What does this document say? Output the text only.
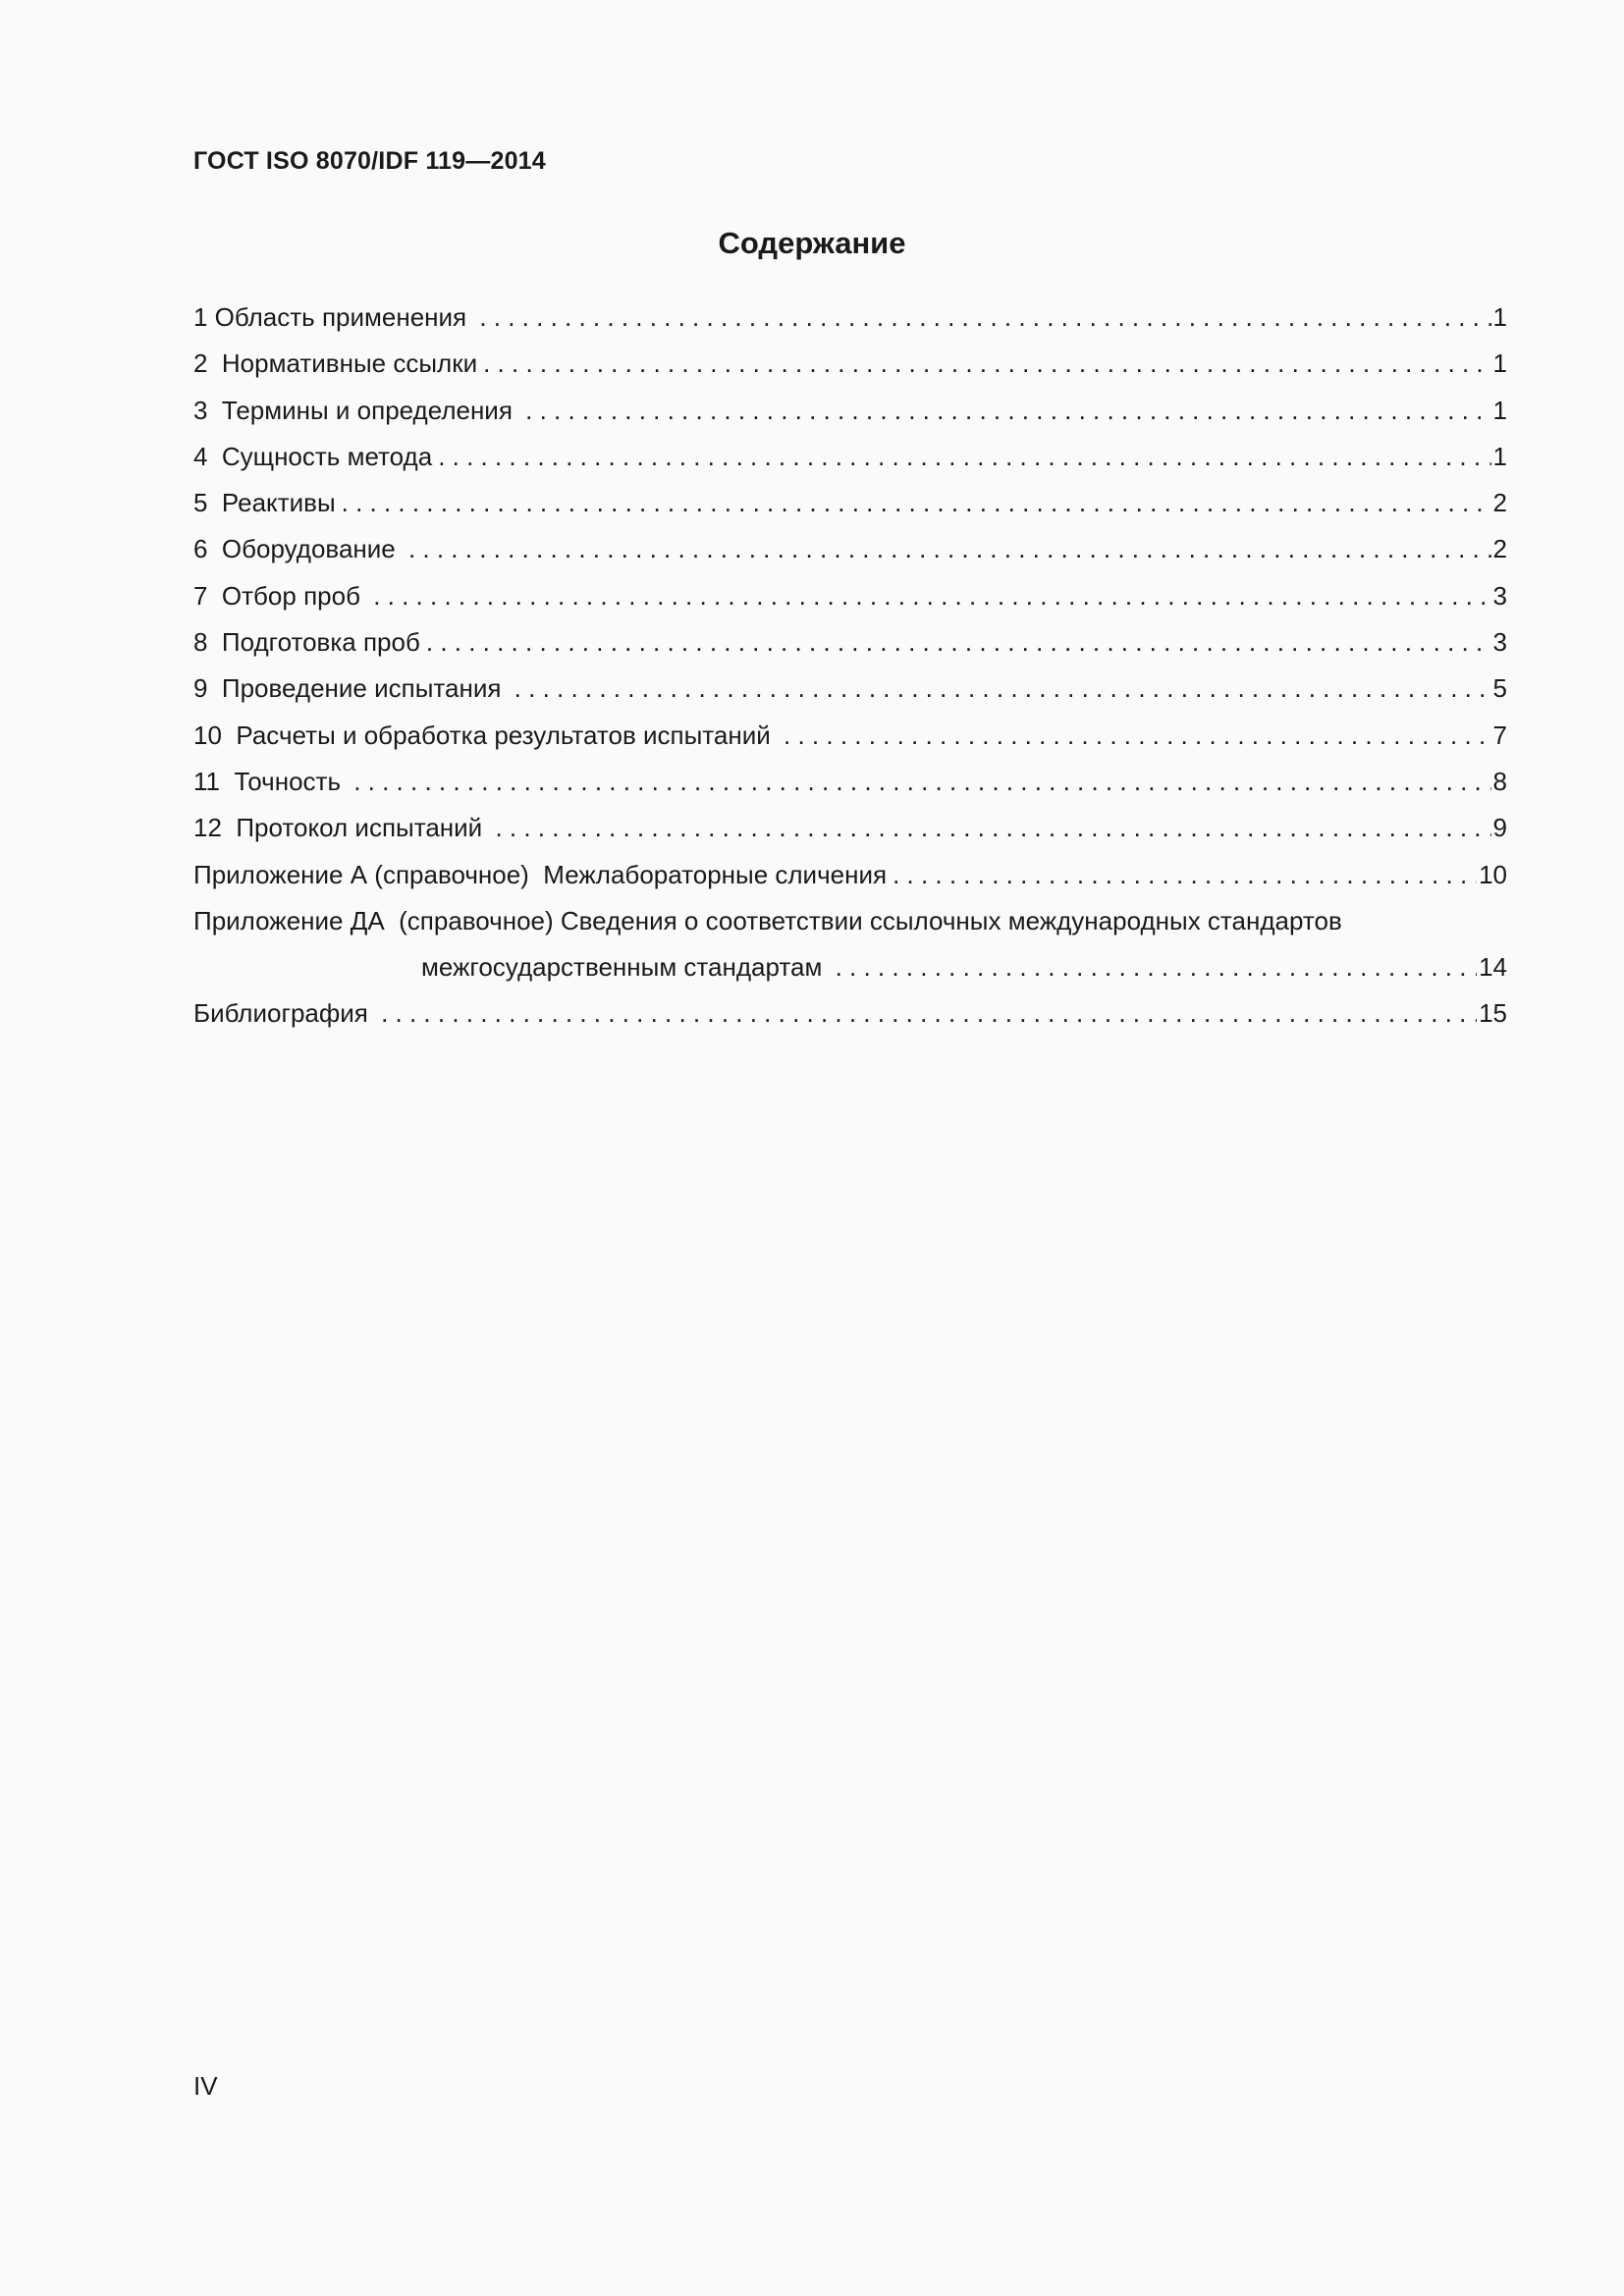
ГОСТ ISO 8070/IDF 119—2014
Содержание
1 Область применения . . .	1
2  Нормативные ссылки . . .	1
3  Термины и определения . . .	1
4  Сущность метода . . .	1
5  Реактивы . . .	2
6  Оборудование . . .	2
7  Отбор проб . . .	3
8  Подготовка проб . . .	3
9  Проведение испытания . . .	5
10  Расчеты и обработка результатов испытаний . . .	7
11  Точность . . .	8
12  Протокол испытаний . . .	9
Приложение А (справочное)  Межлабораторные сличения . . .	10
Приложение ДА  (справочное) Сведения о соответствии ссылочных международных стандартов
межгосударственным стандартам . . .	14
Библиография . . .	15
IV
